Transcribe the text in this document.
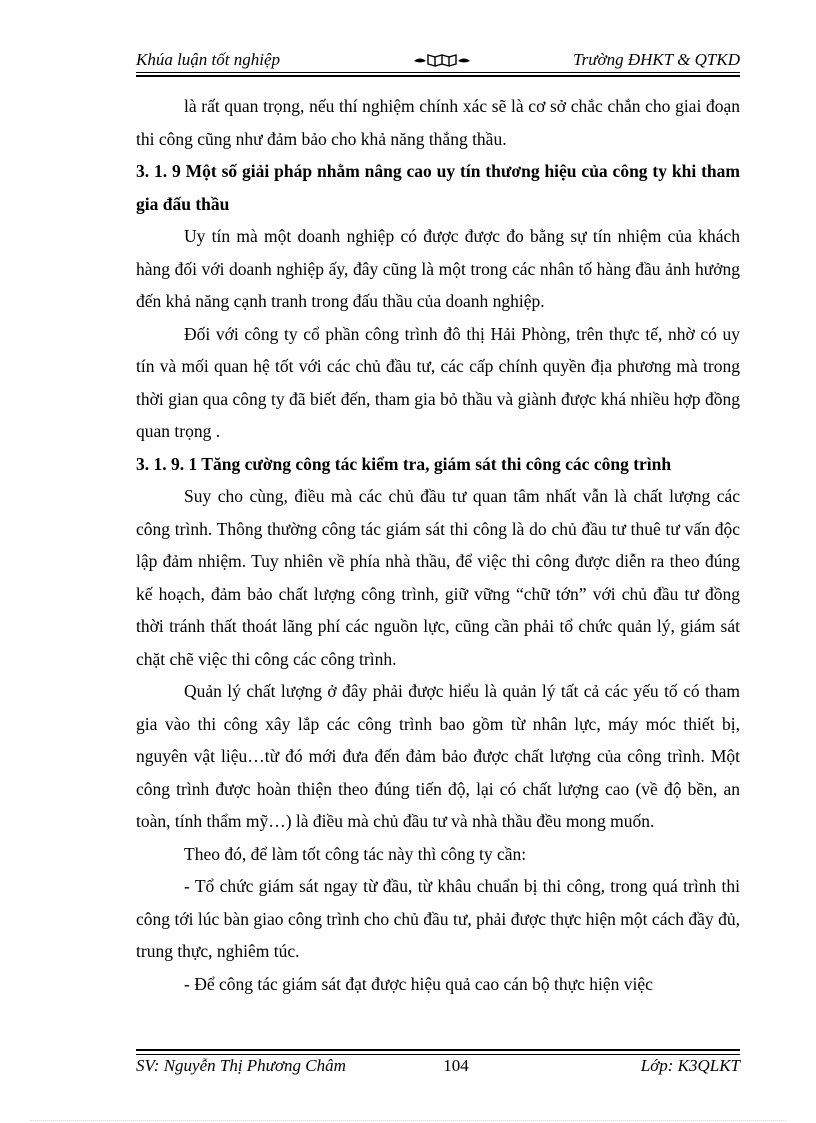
Khúa luận tốt nghiệp	Trường ĐHKT & QTKD

là rất quan trọng, nếu thí nghiệm chính xác sẽ là cơ sở chắc chắn cho giai đoạn thi công cũng như đảm bảo cho khả năng thắng thầu.

3. 1. 9 Một số giải pháp nhằm nâng cao uy tín thương hiệu của công ty khi tham gia đấu thầu

Uy tín mà một doanh nghiệp có được được đo bằng sự tín nhiệm của khách hàng đối với doanh nghiệp ấy, đây cũng là một trong các nhân tố hàng đầu ảnh hưởng đến khả năng cạnh tranh trong đấu thầu của doanh nghiệp.

Đối với công ty cổ phần công trình đô thị Hải Phòng, trên thực tế, nhờ có uy tín và mối quan hệ tốt với các chủ đầu tư, các cấp chính quyền địa phương mà trong thời gian qua công ty đã biết đến, tham gia bỏ thầu và giành được khá nhiều hợp đồng quan trọng .

3. 1. 9. 1 Tăng cường công tác kiểm tra, giám sát thi công các công trình

Suy cho cùng, điều mà các chủ đầu tư quan tâm nhất vẫn là chất lượng các công trình. Thông thường công tác giám sát thi công là do chủ đầu tư thuê tư vấn độc lập đảm nhiệm. Tuy nhiên về phía nhà thầu, để việc thi công được diễn ra theo đúng kế hoạch, đảm bảo chất lượng công trình, giữ vững “chữ tớn” với chủ đầu tư đồng thời tránh thất thoát lãng phí các nguồn lực, cũng cần phải tổ chức quản lý, giám sát chặt chẽ việc thi công các công trình.

Quản lý chất lượng ở đây phải được hiểu là quản lý tất cả các yếu tố có tham gia vào thi công xây lắp các công trình bao gồm từ nhân lực, máy móc thiết bị, nguyên vật liệu…từ đó mới đưa đến đảm bảo được chất lượng của công trình. Một công trình được hoàn thiện theo đúng tiến độ, lại có chất lượng cao (về độ bền, an toàn, tính thẩm mỹ…) là điều mà chủ đầu tư và nhà thầu đều mong muốn.

Theo đó, để làm tốt công tác này thì công ty cần:

- Tổ chức giám sát ngay từ đầu, từ khâu chuẩn bị thi công, trong quá trình thi công tới lúc bàn giao công trình cho chủ đầu tư, phải được thực hiện một cách đầy đủ, trung thực, nghiêm túc.

- Để công tác giám sát đạt được hiệu quả cao cán bộ thực hiện việc

SV: Nguyễn Thị Phương Châm	104	Lớp: K3QLKT
